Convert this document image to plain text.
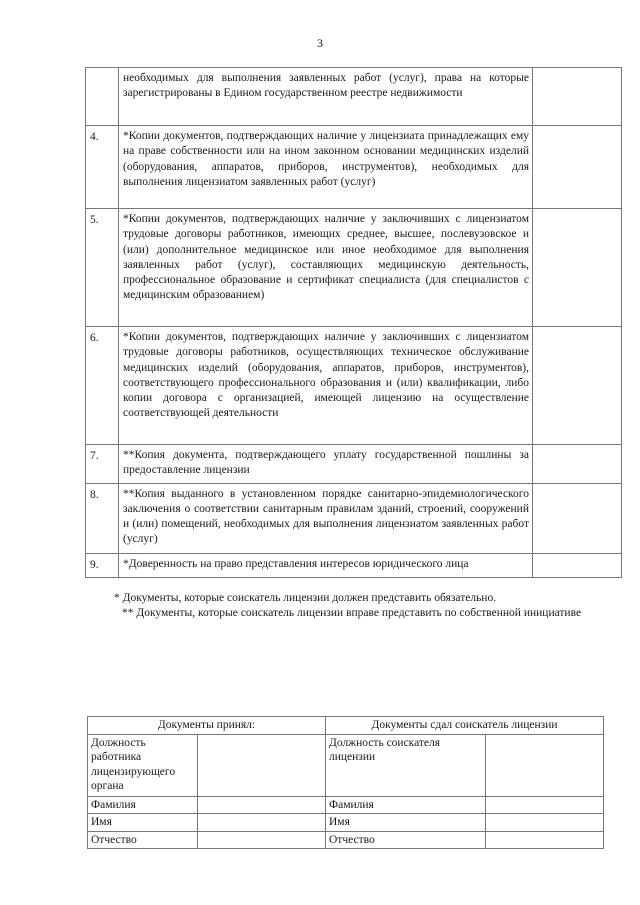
3
	необходимых для выполнения заявленных работ (услуг), права на которые зарегистрированы в Едином государственном реестре недвижимости	
4.	*Копии документов, подтверждающих наличие у лицензиата принадлежащих ему на праве собственности или на ином законном основании медицинских изделий (оборудования, аппаратов, приборов, инструментов), необходимых для выполнения лицензиатом заявленных работ (услуг)	
5.	*Копии документов, подтверждающих наличие у заключивших с лицензиатом трудовые договоры работников, имеющих среднее, высшее, послевузовское и (или) дополнительное медицинское или иное необходимое для выполнения заявленных работ (услуг), составляющих медицинскую деятельность, профессиональное образование и сертификат специалиста (для специалистов с медицинским образованием)	
6.	*Копии документов, подтверждающих наличие у заключивших с лицензиатом трудовые договоры работников, осуществляющих техническое обслуживание медицинских изделий (оборудования, аппаратов, приборов, инструментов), соответствующего профессионального образования и (или) квалификации, либо копии договора с организацией, имеющей лицензию на осуществление соответствующей деятельности	
7.	**Копия документа, подтверждающего уплату государственной пошлины за предоставление лицензии	
8.	**Копия выданного в установленном порядке санитарно-эпидемиологического заключения о соответствии санитарным правилам зданий, строений, сооружений и (или) помещений, необходимых для выполнения лицензиатом заявленных работ (услуг)	
9.	*Доверенность на право представления интересов юридического лица	
* Документы, которые соискатель лицензии должен представить обязательно.
** Документы, которые соискатель лицензии вправе представить по собственной инициативе
Документы принял:		Документы сдал соискатель лицензии	
Должность работника лицензирующего органа		Должность соискателя лицензии	
Фамилия		Фамилия	
Имя		Имя	
Отчество		Отчество	
